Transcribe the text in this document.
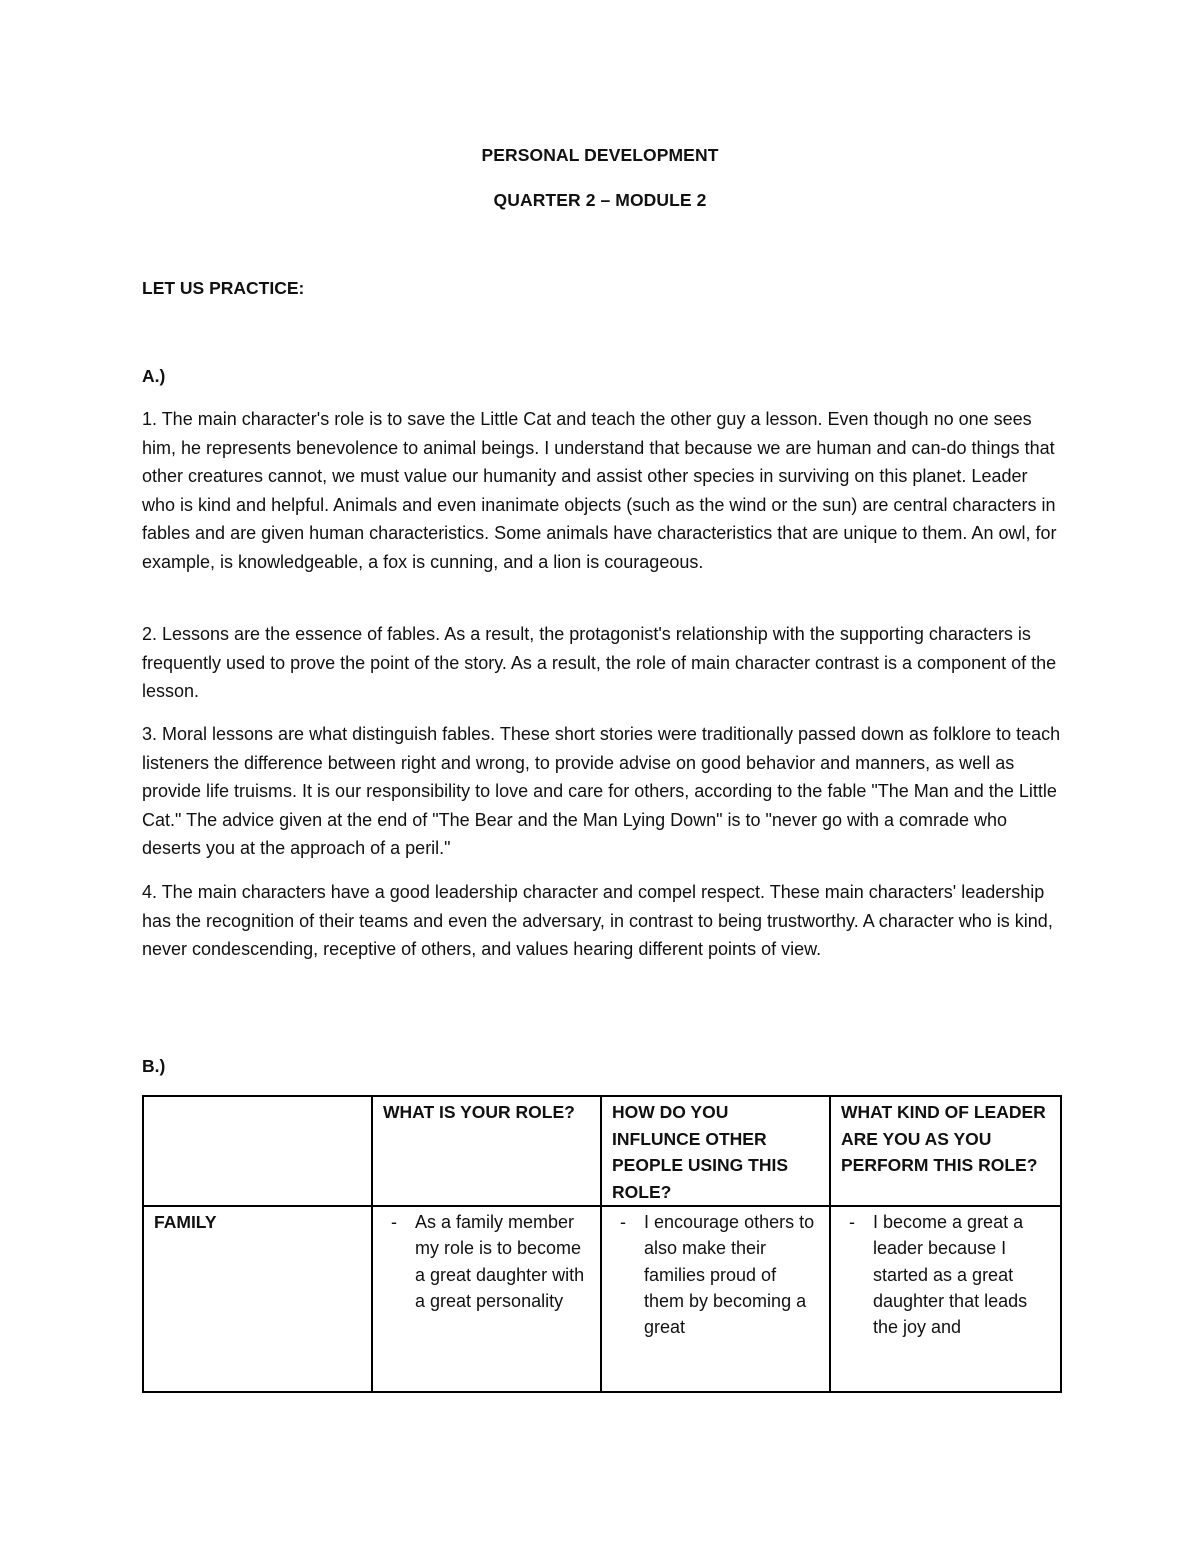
PERSONAL DEVELOPMENT
QUARTER 2 – MODULE 2
LET US PRACTICE:
A.)

1. The main character's role is to save the Little Cat and teach the other guy a lesson. Even though no one sees him, he represents benevolence to animal beings. I understand that because we are human and can-do things that other creatures cannot, we must value our humanity and assist other species in surviving on this planet. Leader who is kind and helpful. Animals and even inanimate objects (such as the wind or the sun) are central characters in fables and are given human characteristics. Some animals have characteristics that are unique to them. An owl, for example, is knowledgeable, a fox is cunning, and a lion is courageous.

2. Lessons are the essence of fables. As a result, the protagonist's relationship with the supporting characters is frequently used to prove the point of the story. As a result, the role of main character contrast is a component of the lesson.

3. Moral lessons are what distinguish fables. These short stories were traditionally passed down as folklore to teach listeners the difference between right and wrong, to provide advise on good behavior and manners, as well as provide life truisms. It is our responsibility to love and care for others, according to the fable "The Man and the Little Cat." The advice given at the end of "The Bear and the Man Lying Down" is to "never go with a comrade who deserts you at the approach of a peril."

4. The main characters have a good leadership character and compel respect. These main characters' leadership has the recognition of their teams and even the adversary, in contrast to being trustworthy. A character who is kind, never condescending, receptive of others, and values hearing different points of view.

B.)
	WHAT IS YOUR ROLE?	HOW DO YOU INFLUNCE OTHER PEOPLE USING THIS ROLE?	WHAT KIND OF LEADER ARE YOU AS YOU PERFORM THIS ROLE?
FAMILY	- As a family member my role is to become a great daughter with a great personality	- I encourage others to also make their families proud of them by becoming a great	- I become a great a leader because I started as a great daughter that leads the joy and
